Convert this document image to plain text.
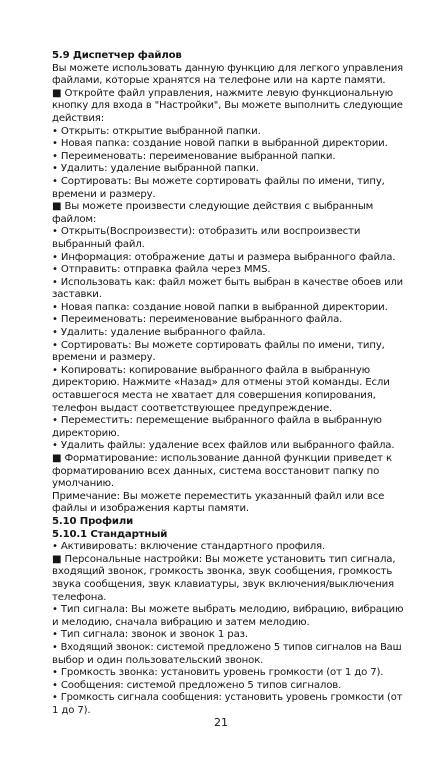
5.9 Диспетчер файлов
Вы можете использовать данную функцию для легкого управления
файлами, которые хранятся на телефоне или на карте памяти.
■ Откройте файл управления, нажмите левую функциональную
кнопку для входа в "Настройки", Вы можете выполнить следующие
действия:
• Открыть: открытие выбранной папки.
• Новая папка: создание новой папки в выбранной директории.
• Переименовать: переименование выбранной папки.
• Удалить: удаление выбранной папки.
• Сортировать: Вы можете сортировать файлы по имени, типу,
времени и размеру.
■ Вы можете произвести следующие действия с выбранным
файлом:
• Открыть(Воспроизвести): отобразить или воспроизвести
выбранный файл.
• Информация: отображение даты и размера выбранного файла.
• Отправить: отправка файла через MMS.
• Использовать как: файл может быть выбран в качестве обоев или
заставки.
• Новая папка: создание новой папки в выбранной директории.
• Переименовать: переименование выбранного файла.
• Удалить: удаление выбранного файла.
• Сортировать: Вы можете сортировать файлы по имени, типу,
времени и размеру.
• Копировать: копирование выбранного файла в выбранную
директорию. Нажмите «Назад» для отмены этой команды. Если
оставшегося места не хватает для совершения копирования,
телефон выдаст соответствующее предупреждение.
• Переместить: перемещение выбранного файла в выбранную
директорию.
• Удалить файлы: удаление всех файлов или выбранного файла.
■ Форматирование: использование данной функции приведет к
форматированию всех данных, система восстановит папку по
умолчанию.
Примечание: Вы можете переместить указанный файл или все
файлы и изображения карты памяти.
5.10 Профили
5.10.1 Стандартный
• Активировать: включение стандартного профиля.
■ Персональные настройки: Вы можете установить тип сигнала,
входящий звонок, громкость звонка, звук сообщения, громкость
звука сообщения, звук клавиатуры, звук включения/выключения
телефона.
• Тип сигнала: Вы можете выбрать мелодию, вибрацию, вибрацию
и мелодию, сначала вибрацию и затем мелодию.
• Тип сигнала: звонок и звонок 1 раз.
• Входящий звонок: системой предложено 5 типов сигналов на Ваш
выбор и один пользовательский звонок.
• Громкость звонка: установить уровень громкости (от 1 до 7).
• Сообщения: системой предложено 5 типов сигналов.
• Громкость сигнала сообщения: установить уровень громкости (от
1 до 7).
21
